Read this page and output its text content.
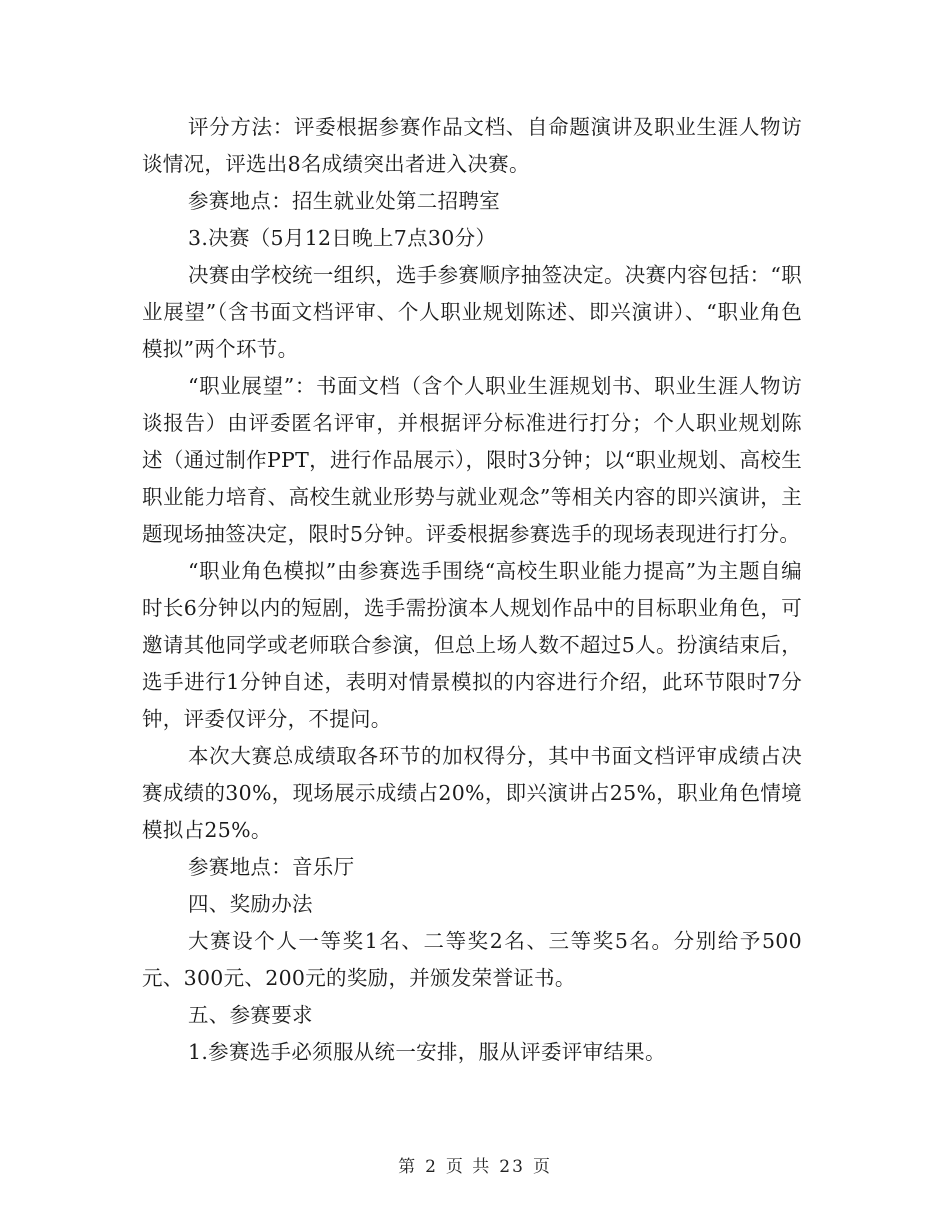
评分方法：评委根据参赛作品文档、自命题演讲及职业生涯人物访谈情况，评选出8名成绩突出者进入决赛。

参赛地点：招生就业处第二招聘室

3.决赛（5月12日晚上7点30分）

决赛由学校统一组织，选手参赛顺序抽签决定。决赛内容包括：“职业展望”（含书面文档评审、个人职业规划陈述、即兴演讲）、“职业角色模拟”两个环节。

“职业展望”：书面文档（含个人职业生涯规划书、职业生涯人物访谈报告）由评委匿名评审，并根据评分标准进行打分；个人职业规划陈述（通过制作PPT，进行作品展示），限时3分钟；以“职业规划、高校生职业能力培育、高校生就业形势与就业观念”等相关内容的即兴演讲，主题现场抽签决定，限时5分钟。评委根据参赛选手的现场表现进行打分。

“职业角色模拟”由参赛选手围绕“高校生职业能力提高”为主题自编时长6分钟以内的短剧，选手需扮演本人规划作品中的目标职业角色，可邀请其他同学或老师联合参演，但总上场人数不超过5人。扮演结束后，选手进行1分钟自述，表明对情景模拟的内容进行介绍，此环节限时7分钟，评委仅评分，不提问。

本次大赛总成绩取各环节的加权得分，其中书面文档评审成绩占决赛成绩的30%，现场展示成绩占20%，即兴演讲占25%，职业角色情境模拟占25%。

参赛地点：音乐厅

四、奖励办法

大赛设个人一等奖1名、二等奖2名、三等奖5名。分别给予500元、300元、200元的奖励，并颁发荣誉证书。

五、参赛要求

1.参赛选手必须服从统一安排，服从评委评审结果。

第 2 页 共 23 页
